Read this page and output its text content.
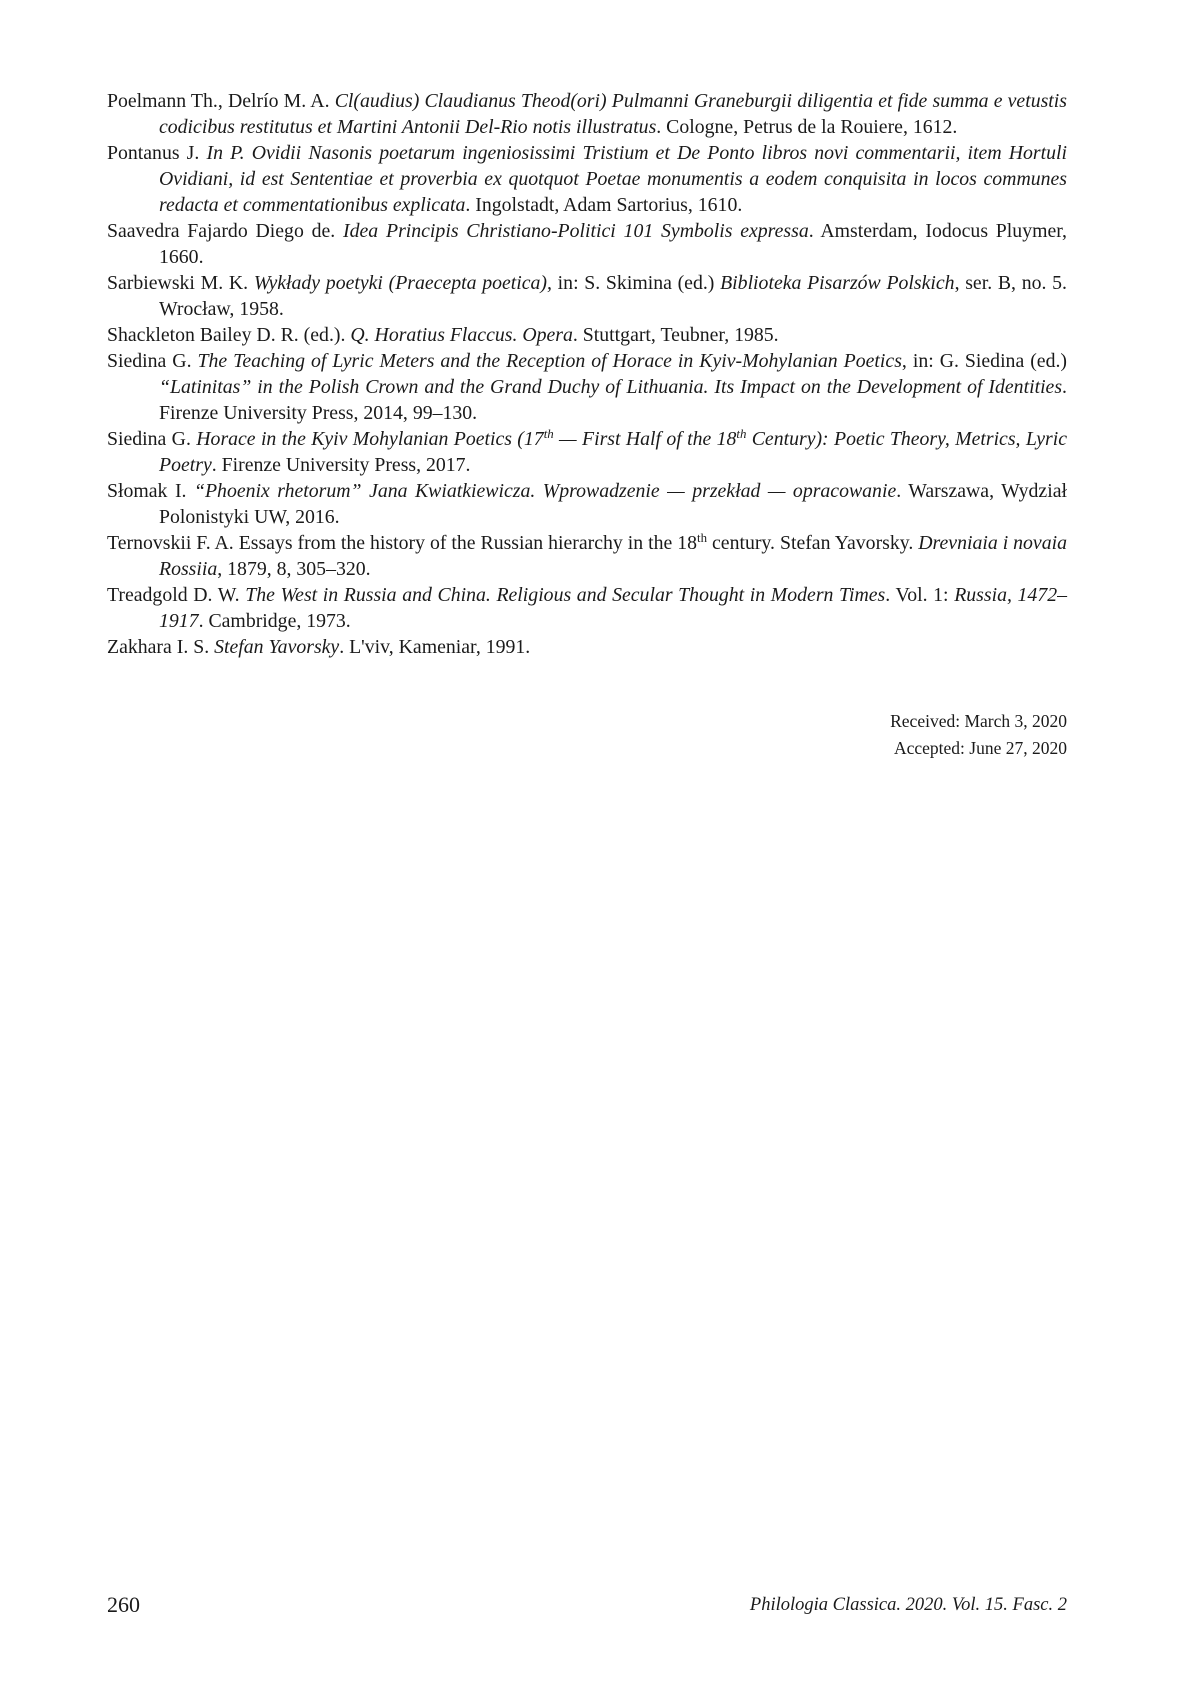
Poelmann Th., Delrío M. A. Cl(audius) Claudianus Theod(ori) Pulmanni Graneburgii diligentia et fide summa e vetustis codicibus restitutus et Martini Antonii Del-Rio notis illustratus. Cologne, Petrus de la Rouiere, 1612.

Pontanus J. In P. Ovidii Nasonis poetarum ingeniosissimi Tristium et De Ponto libros novi commentarii, item Hortuli Ovidiani, id est Sententiae et proverbia ex quotquot Poetae monumentis a eodem conquisita in locos communes redacta et commentationibus explicata. Ingolstadt, Adam Sartorius, 1610.

Saavedra Fajardo Diego de. Idea Principis Christiano-Politici 101 Symbolis expressa. Amsterdam, Iodocus Pluymer, 1660.

Sarbiewski M. K. Wykłady poetyki (Praecepta poetica), in: S. Skimina (ed.) Biblioteka Pisarzów Polskich, ser. B, no. 5. Wrocław, 1958.

Shackleton Bailey D. R. (ed.). Q. Horatius Flaccus. Opera. Stuttgart, Teubner, 1985.

Siedina G. The Teaching of Lyric Meters and the Reception of Horace in Kyiv-Mohylanian Poetics, in: G. Siedina (ed.) “Latinitas” in the Polish Crown and the Grand Duchy of Lithuania. Its Impact on the Development of Identities. Firenze University Press, 2014, 99–130.

Siedina G. Horace in the Kyiv Mohylanian Poetics (17th — First Half of the 18th Century): Poetic Theory, Metrics, Lyric Poetry. Firenze University Press, 2017.

Słomak I. “Phoenix rhetorum” Jana Kwiatkiewicza. Wprowadzenie — przekład — opracowanie. Warszawa, Wydział Polonistyki UW, 2016.

Ternovskii F. A. Essays from the history of the Russian hierarchy in the 18th century. Stefan Yavorsky. Drevniaia i novaia Rossiia, 1879, 8, 305–320.

Treadgold D. W. The West in Russia and China. Religious and Secular Thought in Modern Times. Vol. 1: Russia, 1472–1917. Cambridge, 1973.

Zakhara I. S. Stefan Yavorsky. L'viv, Kameniar, 1991.

Received: March 3, 2020
Accepted: June 27, 2020
260	Philologia Classica. 2020. Vol. 15. Fasc. 2
